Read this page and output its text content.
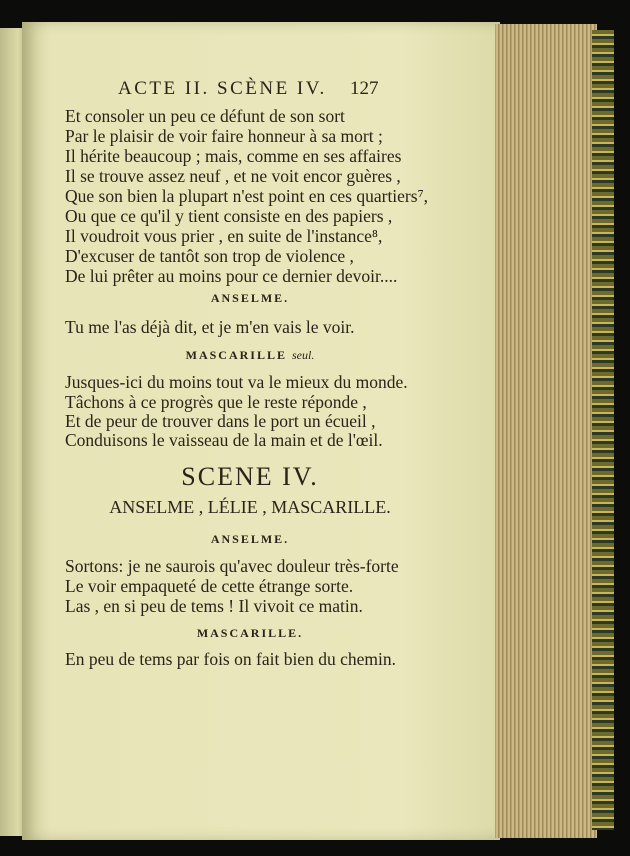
ACTE II. SCÈNE IV. 127
Et consoler un peu ce défunt de son sort
Par le plaisir de voir faire honneur à sa mort ;
Il hérite beaucoup ; mais, comme en ses affaires
Il se trouve assez neuf , et ne voit encor guères ,
Que son bien la plupart n'est point en ces quartiers⁷,
Ou que ce qu'il y tient consiste en des papiers ,
Il voudroit vous prier , en suite de l'instance⁸,
D'excuser de tantôt son trop de violence ,
De lui prêter au moins pour ce dernier devoir....
ANSELME.
Tu me l'as déjà dit, et je m'en vais le voir.
MASCARILLE seul.
Jusques-ici du moins tout va le mieux du monde.
Tâchons à ce progrès que le reste réponde ,
Et de peur de trouver dans le port un écueil ,
Conduisons le vaisseau de la main et de l'œil.
SCENE IV.
ANSELME , LÉLIE , MASCARILLE.
ANSELME.
Sortons: je ne saurois qu'avec douleur très-forte
Le voir empaqueté de cette étrange sorte.
Las , en si peu de tems ! Il vivoit ce matin.
MASCARILLE.
En peu de tems par fois on fait bien du chemin.
